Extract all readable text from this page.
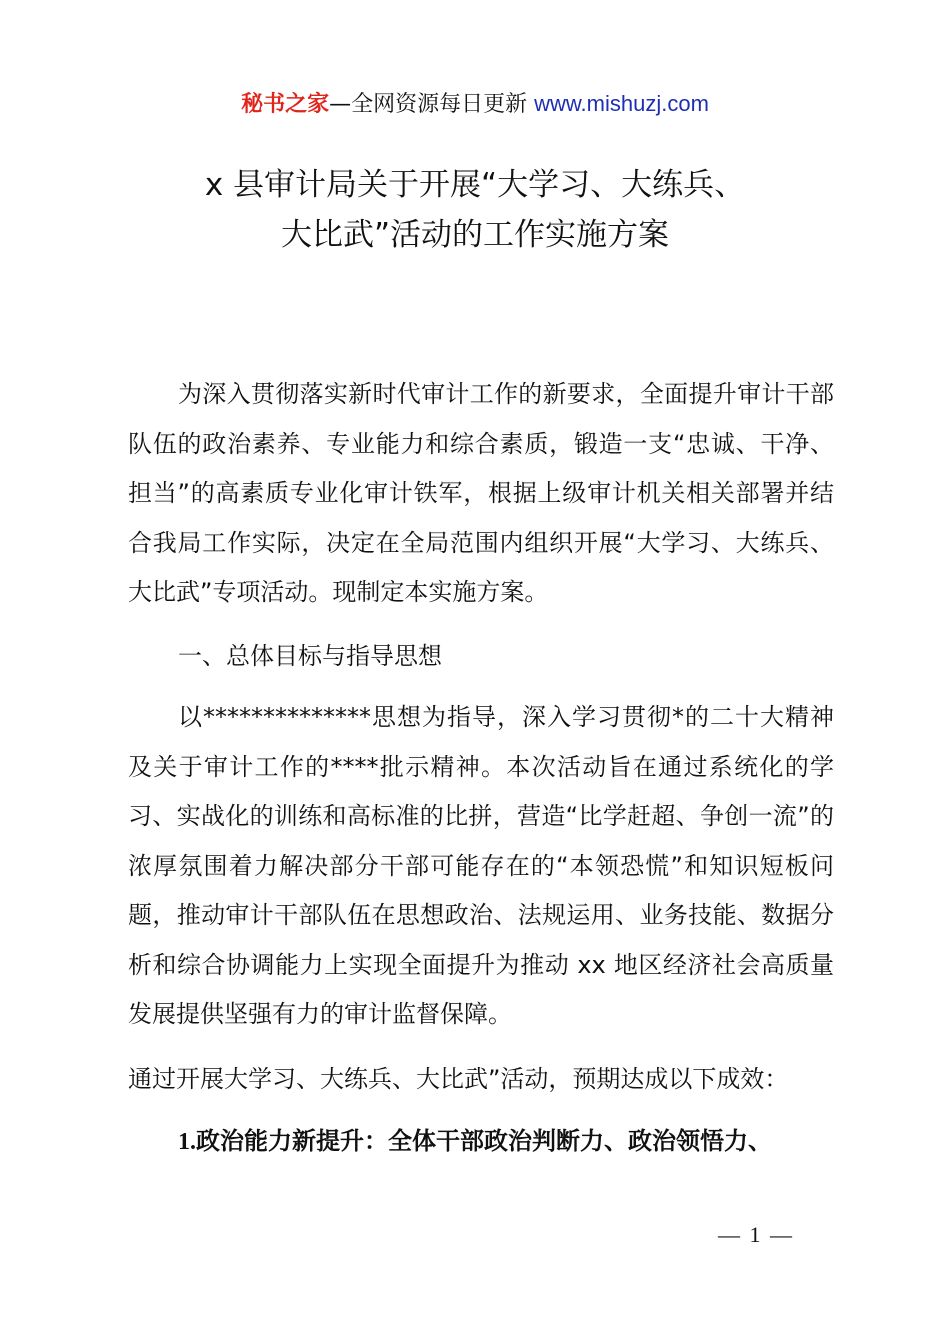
秘书之家—全网资源每日更新 www.mishuzj.com
x 县审计局关于开展“大学习、大练兵、
大比武”活动的工作实施方案

为深入贯彻落实新时代审计工作的新要求，全面提升审计干部队伍的政治素养、专业能力和综合素质，锻造一支“忠诚、干净、担当”的高素质专业化审计铁军，根据上级审计机关相关部署并结合我局工作实际，决定在全局范围内组织开展“大学习、大练兵、大比武”专项活动。现制定本实施方案。

一、总体目标与指导思想

以**************思想为指导，深入学习贯彻*的二十大精神及关于审计工作的****批示精神。本次活动旨在通过系统化的学习、实战化的训练和高标准的比拼，营造“比学赶超、争创一流”的浓厚氛围着力解决部分干部可能存在的“本领恐慌”和知识短板问题，推动审计干部队伍在思想政治、法规运用、业务技能、数据分析和综合协调能力上实现全面提升为推动 xx 地区经济社会高质量发展提供坚强有力的审计监督保障。

通过开展大学习、大练兵、大比武”活动，预期达成以下成效：

1.政治能力新提升：全体干部政治判断力、政治领悟力、

— 1 —
